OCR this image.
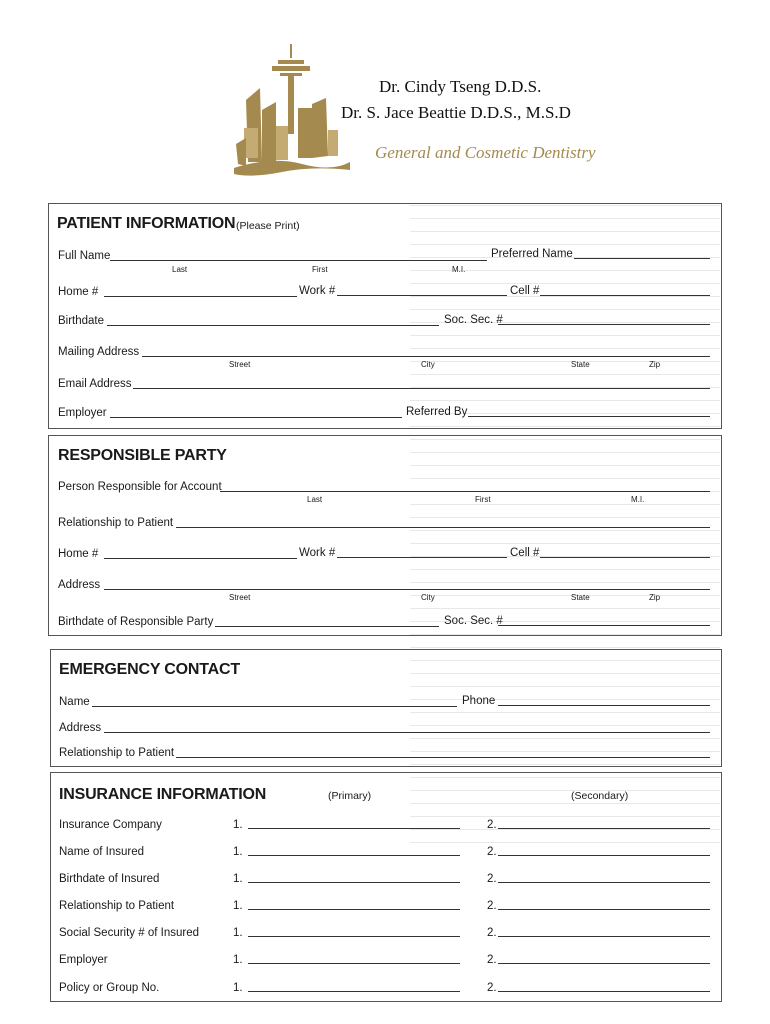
Dr. Cindy Tseng D.D.S.
Dr. S. Jace Beattie D.D.S., M.S.D
General and Cosmetic Dentistry
PATIENT INFORMATION (Please Print)
Full Name
Last	First	M.I.
Preferred Name
Home #	Work #	Cell #
Birthdate	Soc. Sec. #
Mailing Address
Street	City	State	Zip
Email Address
Employer	Referred By
RESPONSIBLE PARTY
Person Responsible for Account
Last	First	M.I.
Relationship to Patient
Home #	Work #	Cell #
Address
Street	City	State	Zip
Birthdate of Responsible Party	Soc. Sec. #
EMERGENCY CONTACT
Name	Phone
Address
Relationship to Patient
INSURANCE INFORMATION	(Primary)	(Secondary)
Insurance Company	1.	2.
Name of Insured	1.	2.
Birthdate of Insured	1.	2.
Relationship to Patient	1.	2.
Social Security # of Insured	1.	2.
Employer	1.	2.
Policy or Group No.	1.	2.
